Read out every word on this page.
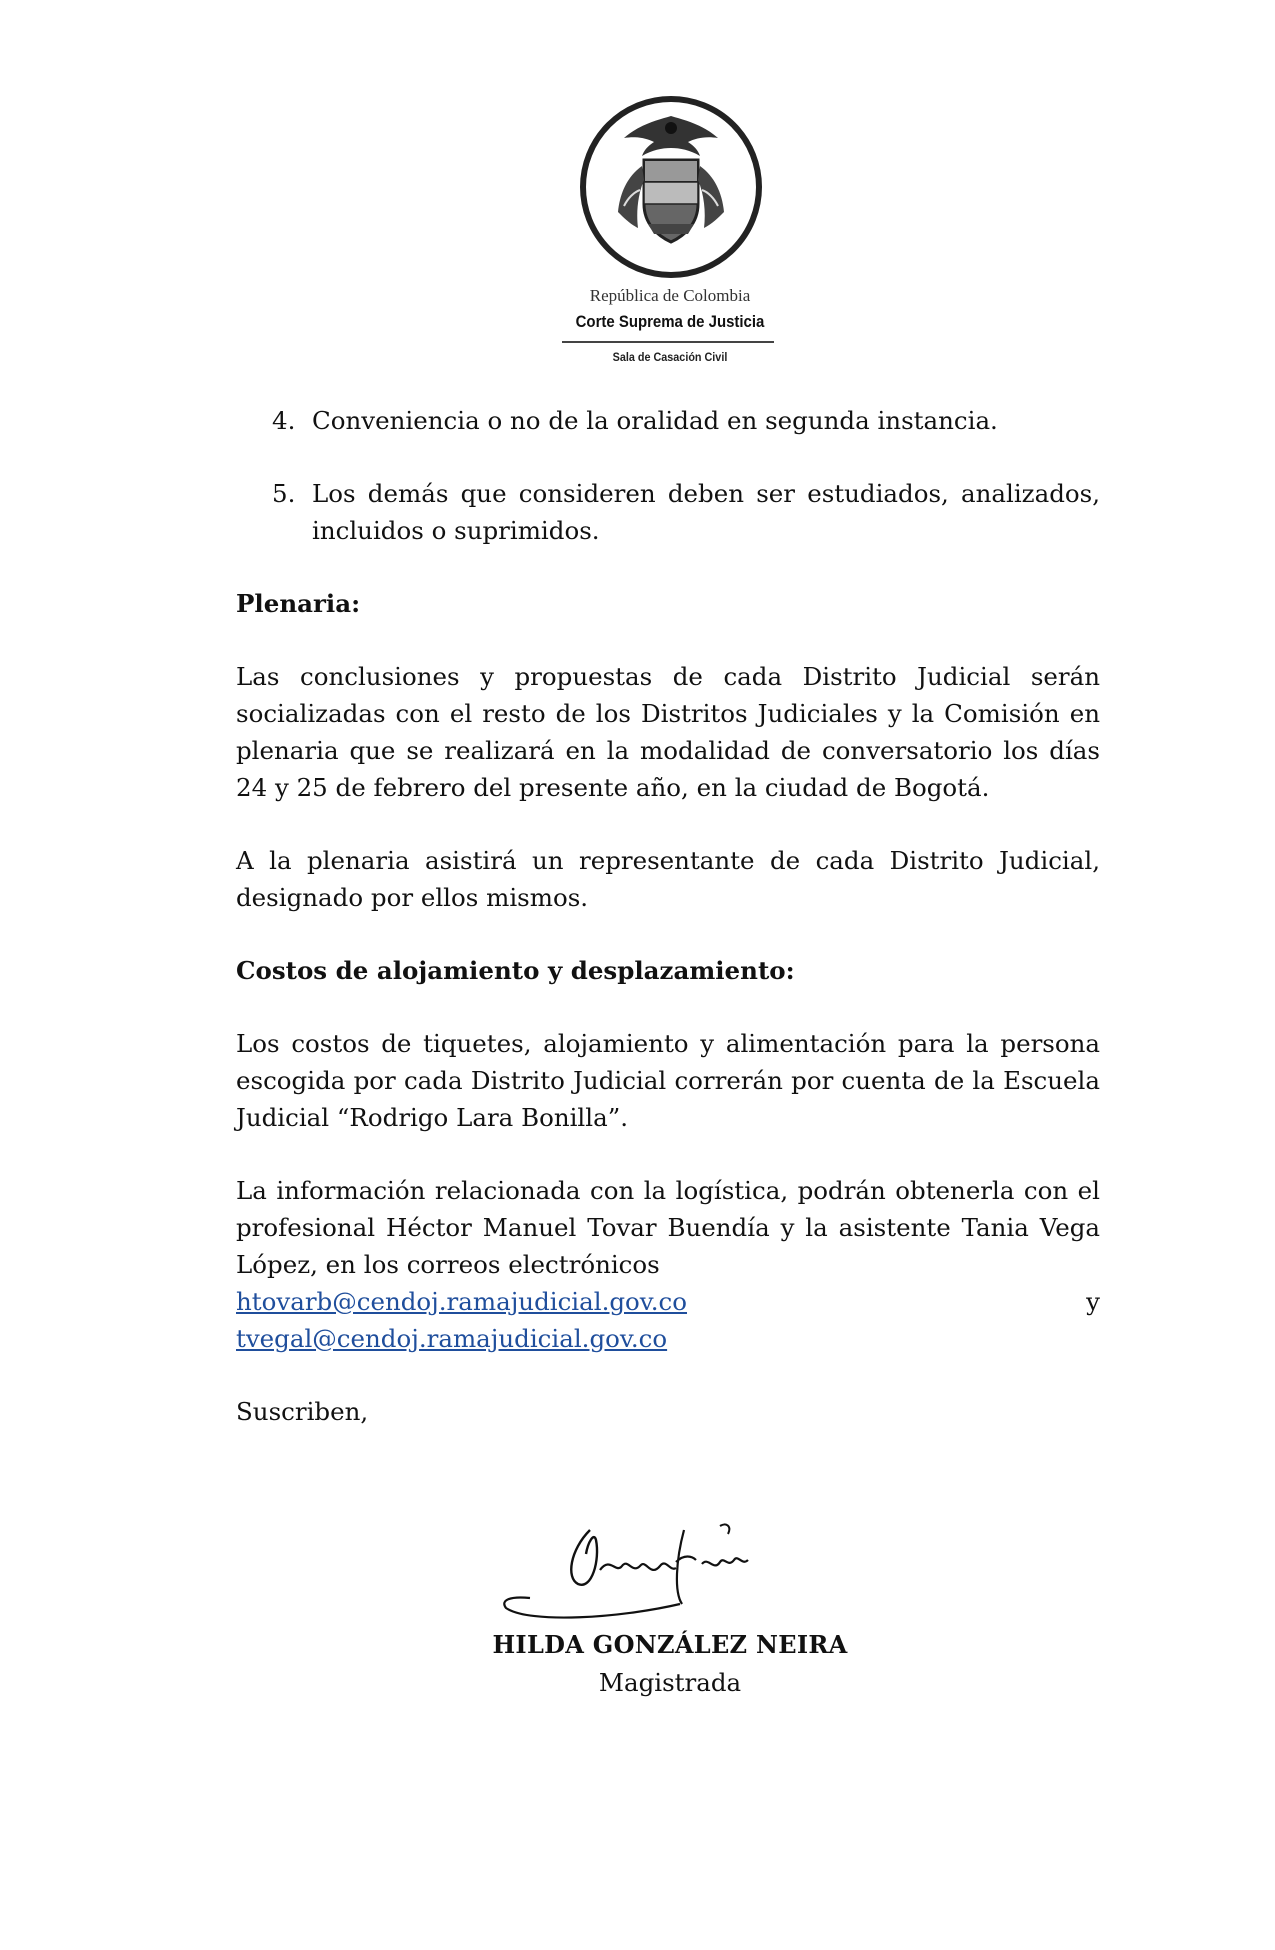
República de Colombia
Corte Suprema de Justicia
Sala de Casación Civil
4. Conveniencia o no de la oralidad en segunda instancia.
5. Los demás que consideren deben ser estudiados, analizados, incluidos o suprimidos.

Plenaria:

Las conclusiones y propuestas de cada Distrito Judicial serán socializadas con el resto de los Distritos Judiciales y la Comisión en plenaria que se realizará en la modalidad de conversatorio los días 24 y 25 de febrero del presente año, en la ciudad de Bogotá.

A la plenaria asistirá un representante de cada Distrito Judicial, designado por ellos mismos.

Costos de alojamiento y desplazamiento:

Los costos de tiquetes, alojamiento y alimentación para la persona escogida por cada Distrito Judicial correrán por cuenta de la Escuela Judicial “Rodrigo Lara Bonilla”.

La información relacionada con la logística, podrán obtenerla con el profesional Héctor Manuel Tovar Buendía y la asistente Tania Vega López, en los correos electrónicos

htovarb@cendoj.ramajudicial.gov.co	y
tvegal@cendoj.ramajudicial.gov.co

Suscriben,

HILDA GONZÁLEZ NEIRA
Magistrada
